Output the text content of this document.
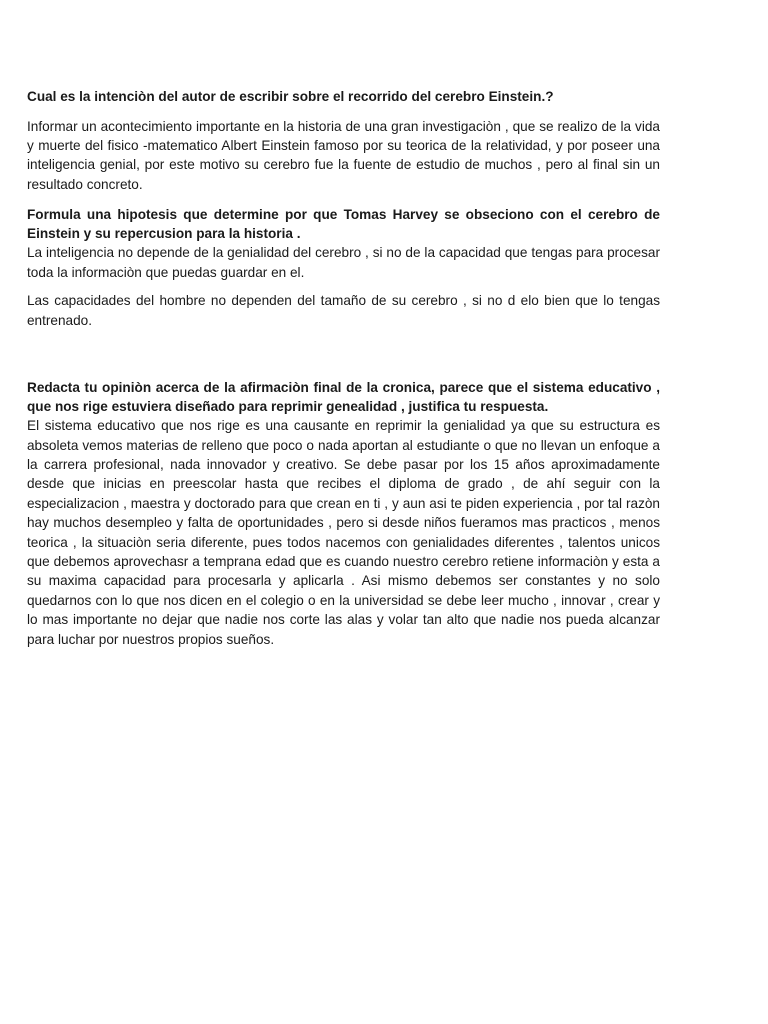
Cual es la intenciòn del autor de escribir sobre el recorrido del cerebro Einstein.?

Informar un acontecimiento importante en la historia de una gran investigaciòn , que se realizo de la vida y muerte del fisico -matematico Albert Einstein famoso por su teorica de la relatividad, y por poseer una inteligencia genial, por este motivo su cerebro fue la fuente de estudio de muchos , pero al final sin un resultado concreto.

Formula una hipotesis que determine por que Tomas Harvey se obseciono con el cerebro de Einstein y su repercusion para la historia .

La inteligencia no depende de la genialidad del cerebro , si no de la capacidad que tengas para procesar toda la informaciòn que puedas guardar en el.

Las capacidades del hombre no dependen del tamaño de su cerebro , si no d elo bien que lo tengas entrenado.

Redacta tu opiniòn acerca de la afirmaciòn final de la cronica, parece que el sistema educativo , que nos rige estuviera diseñado para reprimir genealidad , justifica tu respuesta.

El sistema educativo que nos rige es una causante en reprimir la genialidad ya que su estructura es absoleta vemos materias de relleno que poco o nada aportan al estudiante o que no llevan un enfoque a la carrera profesional, nada innovador y creativo. Se debe pasar por los 15 años aproximadamente desde que inicias en preescolar hasta que recibes el diploma de grado , de ahí seguir con la especializacion , maestra y doctorado para que crean en ti , y aun asi te piden experiencia , por tal razòn hay muchos desempleo y falta de oportunidades , pero si desde niños fueramos mas practicos , menos teorica , la situaciòn seria diferente, pues todos nacemos con genialidades diferentes , talentos unicos que debemos aprovechasr a temprana edad que es cuando nuestro cerebro retiene informaciòn y esta a su maxima capacidad para procesarla y aplicarla . Asi mismo debemos ser constantes y no solo quedarnos con lo que nos dicen en el colegio o en la universidad se debe leer mucho , innovar , crear y lo mas importante no dejar que nadie nos corte las alas y volar tan alto que nadie nos pueda alcanzar para luchar por nuestros propios sueños.
